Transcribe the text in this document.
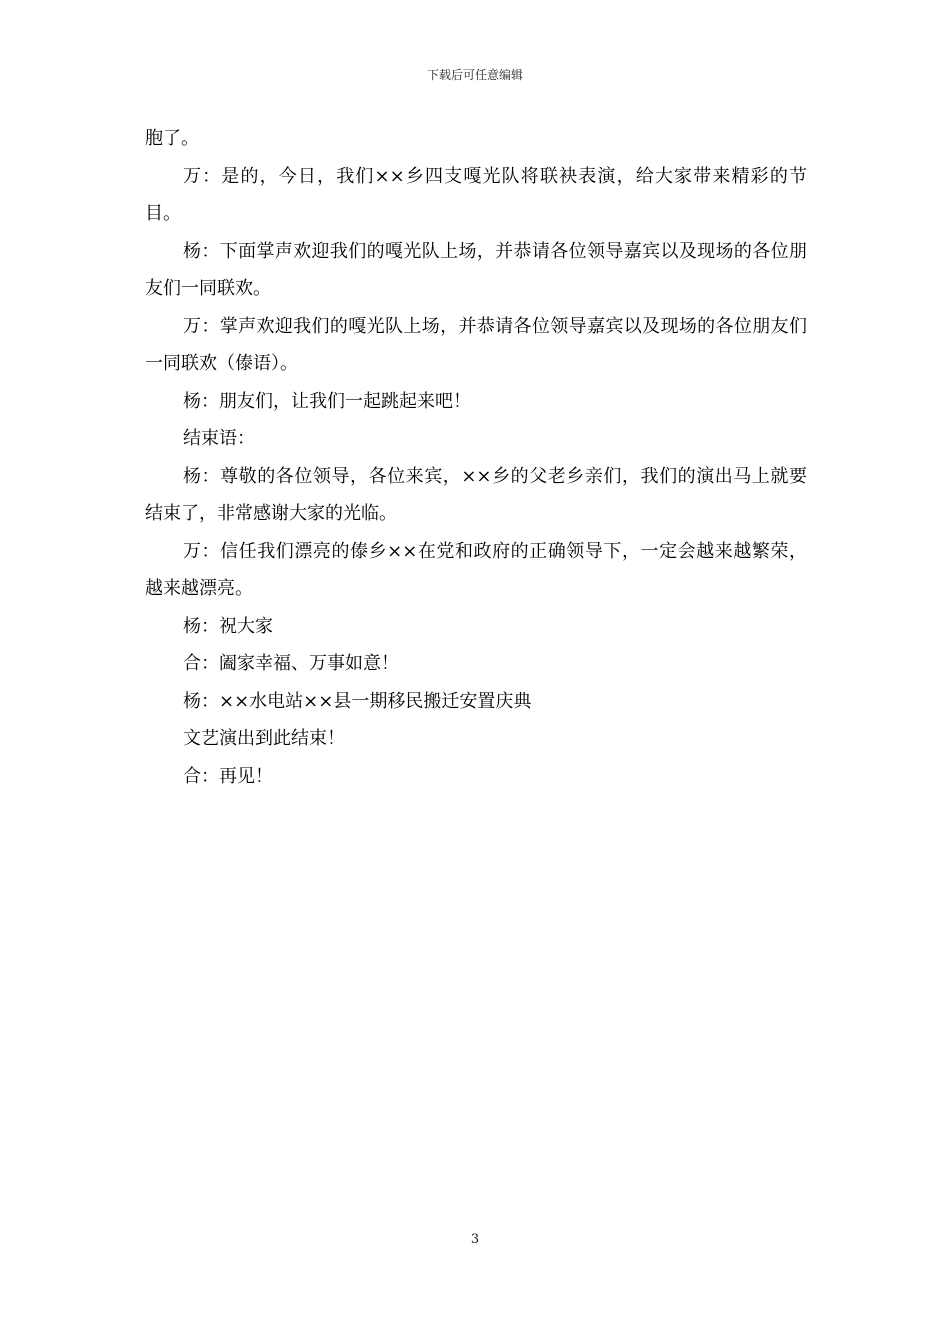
下载后可任意编辑

胞了。

万：是的，今日，我们××乡四支嘎光队将联袂表演，给大家带来精彩的节目。

杨：下面掌声欢迎我们的嘎光队上场，并恭请各位领导嘉宾以及现场的各位朋友们一同联欢。

万：掌声欢迎我们的嘎光队上场，并恭请各位领导嘉宾以及现场的各位朋友们一同联欢（傣语）。

杨：朋友们，让我们一起跳起来吧！

结束语：

杨：尊敬的各位领导，各位来宾，××乡的父老乡亲们，我们的演出马上就要结束了，非常感谢大家的光临。

万：信任我们漂亮的傣乡××在党和政府的正确领导下，一定会越来越繁荣，越来越漂亮。

杨：祝大家

合：阖家幸福、万事如意！

杨：××水电站××县一期移民搬迁安置庆典

文艺演出到此结束！

合：再见！

3
